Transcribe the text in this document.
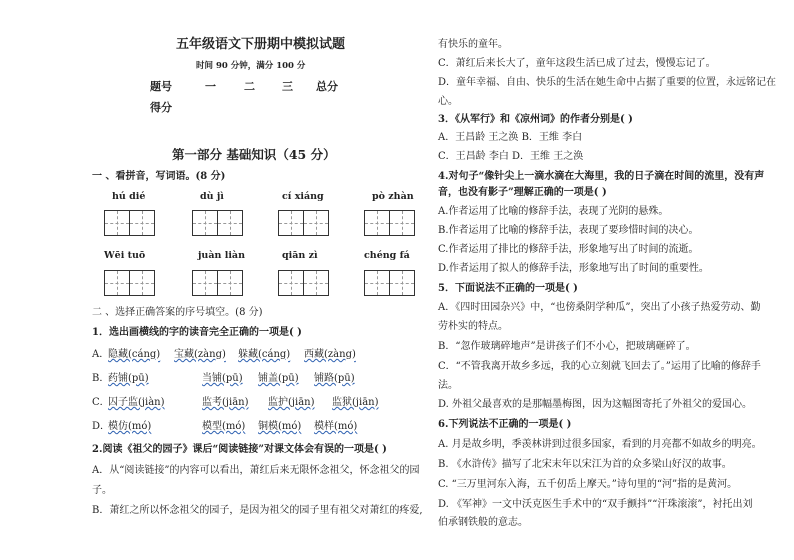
五年级语文下册期中模拟试题
时间 90 分钟，满分 100 分
题号	一	二 三 总分
得分
第一部分 基础知识（45 分）
一 、看拼音，写词语。(8 分)
hú dié	dù jì	cí xiáng	pò zhàn
Wēi tuō	juàn liàn	qiān zì	chéng fá
二 、选择正确答案的序号填空。(8 分)
1．选出画横线的字的读音完全正确的一项是( )
A．
隐藏(cáng) 宝藏(zàng) 躲藏(cáng) 西藏(zàng)
B．
药铺(pū)	当铺(pū) 铺盖(pū) 铺路(pū)
C．
囚子监(jiàn)	监考(jiān) 监护(jiān) 监狱(jiān)
D．
模仿(mó)	模型(mó) 铜模(mó) 模样(mó)
2.阅读《祖父的园子》课后“阅读链接”对课文体会有误的一项是( )
A．从“阅读链接”的内容可以看出，萧红后来无限怀念祖父，怀念祖父的园
子。
B．萧红之所以怀念祖父的园子，是因为祖父的园子里有祖父对萧红的疼爱,
有快乐的童年。
C．萧红后来长大了，童年这段生活已成了过去，慢慢忘记了。
D．童年幸福、自由、快乐的生活在她生命中占据了重要的位置，永远铭记在
心。
3．《从军行》和《凉州词》的作者分别是( )
A．王昌龄 王之涣 B．王维 李白
C．王昌龄 李白 D．王维 王之涣
4.对句子“像针尖上一滴水滴在大海里，我的日子滴在时间的流里，没有声
音，也没有影子”理解正确的一项是( )
A.作者运用了比喻的修辞手法，表现了光阴的悬殊。
B.作者运用了比喻的修辞手法，表现了要珍惜时间的决心。
C.作者运用了排比的修辞手法，形象地写出了时间的流逝。
D.作者运用了拟人的修辞手法，形象地写出了时间的重要性。
5．下面说法不正确的一项是( )
A．《四时田园杂兴》中，“也傍桑阴学种瓜”，突出了小孩子热爱劳动、勤
劳朴实的特点。
B．“忽作玻璃碎地声”是讲孩子们不小心，把玻璃砸碎了。
C．“不管我离开故乡多远，我的心立刻就飞回去了。”运用了比喻的修辞手
法。
D. 外祖父最喜欢的是那幅墨梅图，因为这幅图寄托了外祖父的爱国心。
6.下列说法不正确的一项是( )
A. 月是故乡明，季羡林讲到过很多国家，看到的月亮都不如故乡的明亮。
B. 《水浒传》描写了北宋末年以宋江为首的众多梁山好汉的故事。
C. “三万里河东入海，五千仞岳上摩天。”诗句里的“河”指的是黄河。
D. 《军神》一文中沃克医生手术中的“双手颤抖”“汗珠滚滚”，衬托出刘
伯承钢铁般的意志。
